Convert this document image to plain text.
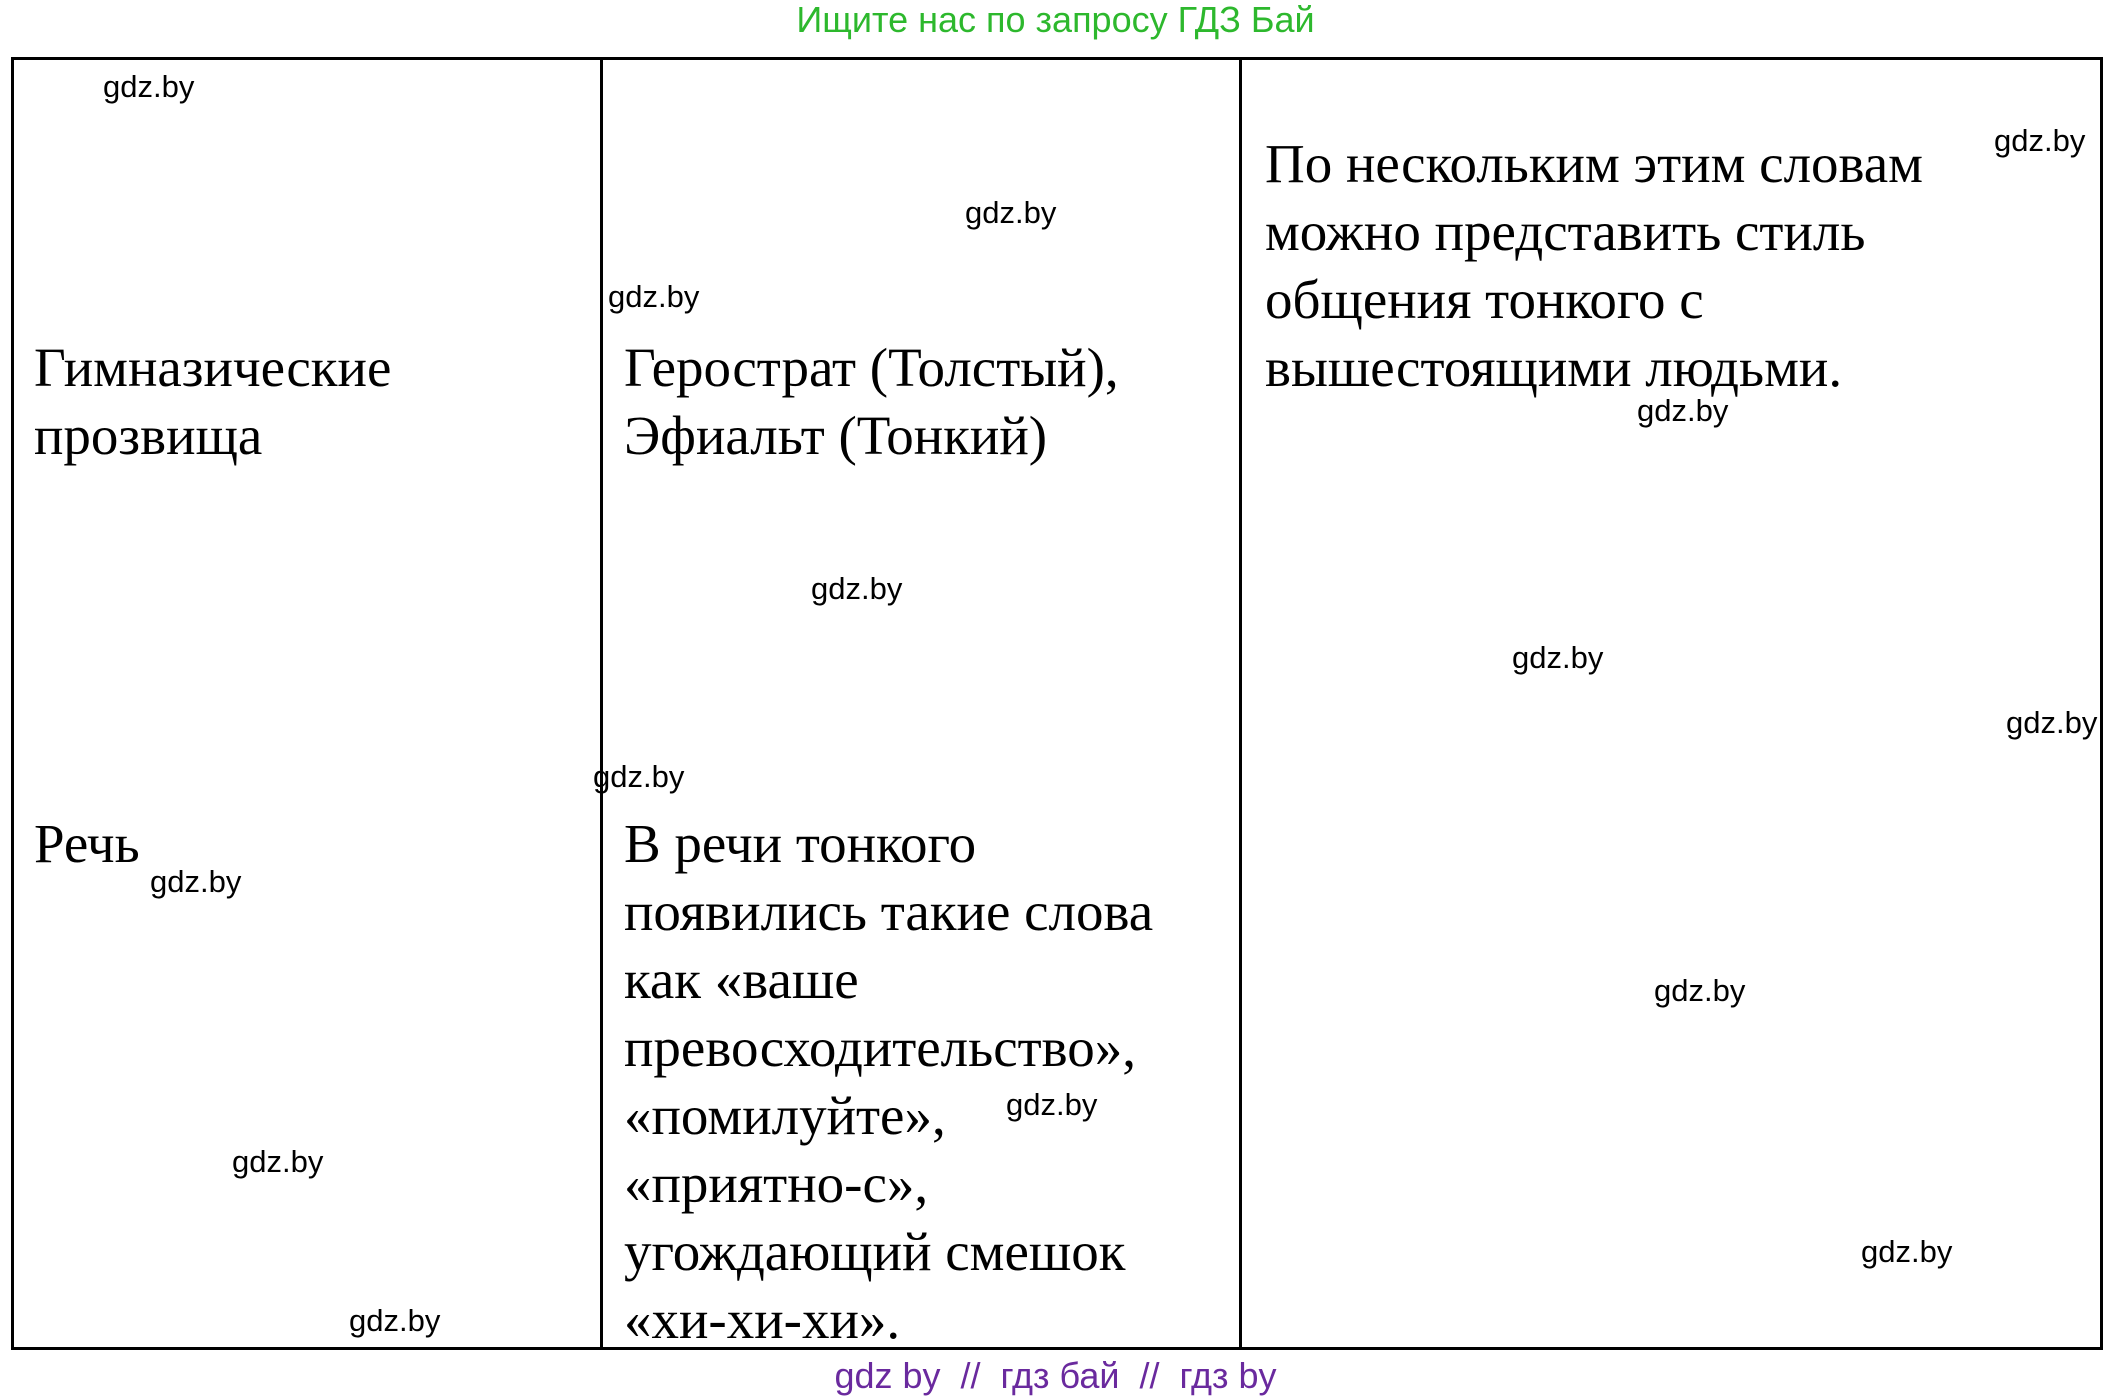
Ищите нас по запросу ГДЗ Бай
Гимназические
прозвища
Герострат (Толстый),
Эфиальт (Тонкий)
По нескольким этим словам
можно представить стиль
общения тонкого с
вышестоящими людьми.
Речь	В речи тонкого
появились такие слова
как «ваше
превосходительство»,
«помилуйте»,
«приятно-с»,
угождающий смешок
«хи-хи-хи».
gdz.by
gdz.by
gdz.by
gdz.by
gdz.by
gdz.by
gdz.by
gdz.by
gdz.by
gdz.by
gdz.by
gdz.by
gdz.by
gdz.by
gdz.by
gdz by  //  гдз бай  //  гдз by
